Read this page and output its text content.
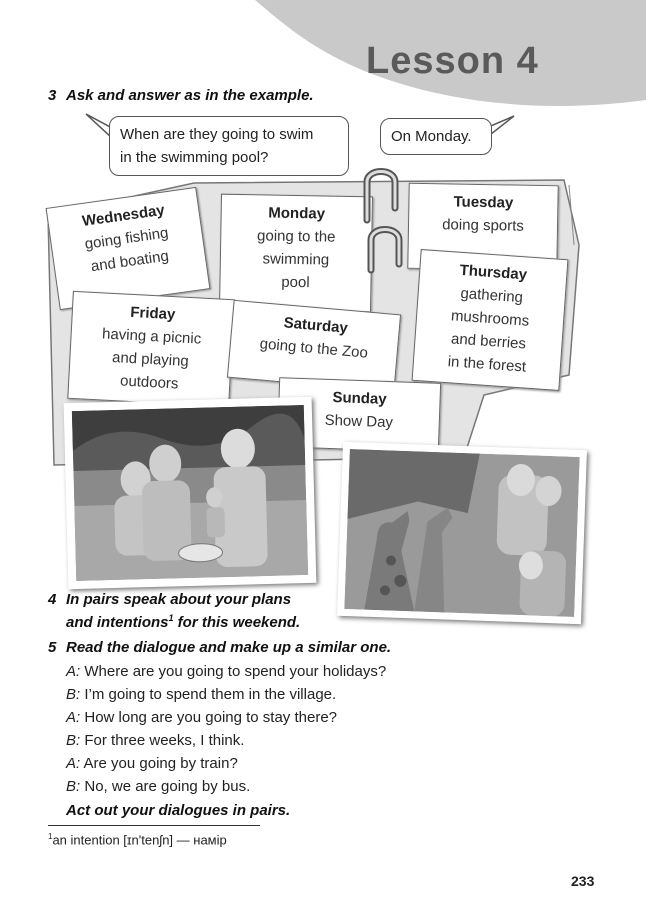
Lesson 4
3 Ask and answer as in the example.
When are they going to swim
in the swimming pool?
On Monday.
Tuesday
doing sports
Monday
going to the
swimming
pool
Wednesday
going fishing
and boating	Thursday
gathering
mushrooms
and berries
in the forest
Friday
having a picnic
and playing
outdoors
Saturday
going to the Zoo
Sunday
Show Day
4 In pairs speak about your plans
and intentions$^1$ for this weekend.
5 Read the dialogue and make up a similar one.
A: Where are you going to spend your holidays?
B: I’m going to spend them in the village.
A: How long are you going to stay there?
B: For three weeks, I think.
A: Are you going by train?
B: No, we are going by bus.
Act out your dialogues in pairs.
$^1$an intention [ɪn'tenʃn] — намір
233
